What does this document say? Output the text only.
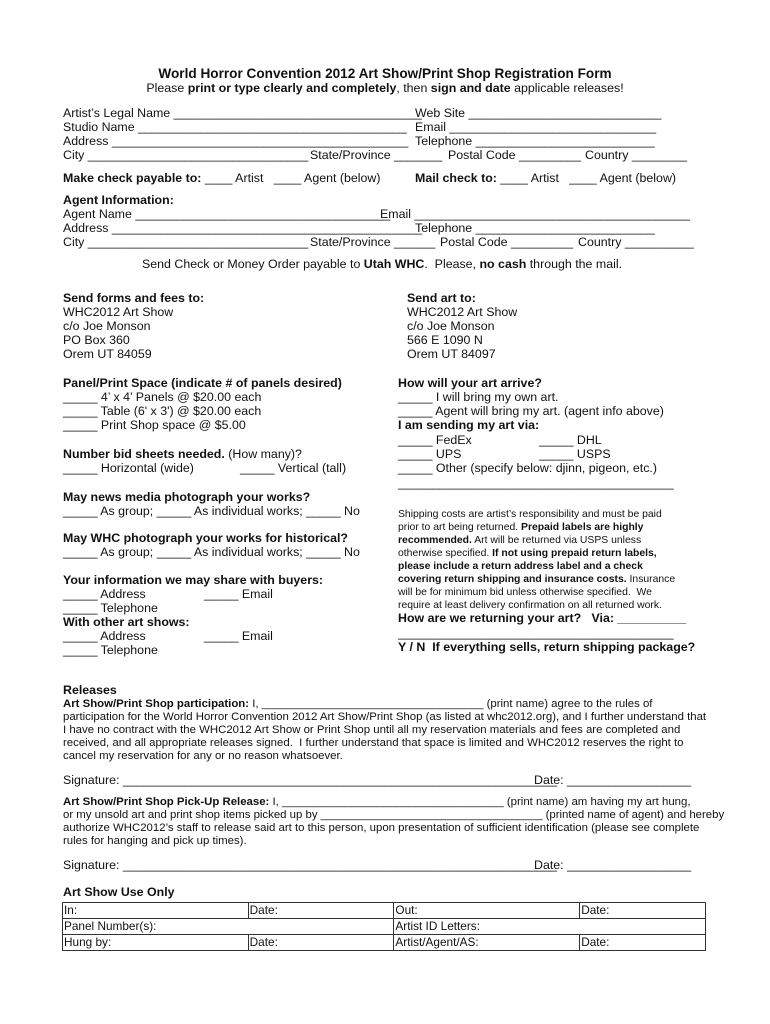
World Horror Convention 2012 Art Show/Print Shop Registration Form
Please print or type clearly and completely, then sign and date applicable releases!
Artist’s Legal Name ____________________________________
Web Site ____________________________
Studio Name _______________________________________ Email ______________________________
Address ___________________________________________ Telephone __________________________
City ________________________________ State/Province _______ Postal Code _________ Country ________
Make check payable to: ____ Artist   ____ Agent (below)	Mail check to: ____ Artist   ____ Agent (below)
Agent Information:
Agent Name _____________________________________
Email ________________________________________
Address _____________________________________________
Telephone __________________________
City ________________________________ State/Province ______ Postal Code _________ Country __________
Send Check or Money Order payable to Utah WHC.  Please, no cash through the mail.
Send forms and fees to:
WHC2012 Art Show
c/o Joe Monson
PO Box 360
Orem UT 84059
Send art to:
WHC2012 Art Show
c/o Joe Monson
566 E 1090 N
Orem UT 84097
Panel/Print Space (indicate # of panels desired)
_____ 4’ x 4’ Panels @ $20.00 each
_____ Table (6' x 3') @ $20.00 each
_____ Print Shop space @ $5.00
Number bid sheets needed. (How many)?
_____ Horizontal (wide)	_____ Vertical (tall)
May news media photograph your works?
_____ As group; _____ As individual works; _____ No
May WHC photograph your works for historical?
_____ As group; _____ As individual works; _____ No
Your information we may share with buyers:
_____ Address	_____ Email
_____ Telephone
With other art shows:
_____ Address	_____ Email
_____ Telephone
How will your art arrive?
_____ I will bring my own art.
_____ Agent will bring my art. (agent info above)
I am sending my art via:
_____ FedEx	_____ DHL
_____ UPS	_____ USPS
_____ Other (specify below: djinn, pigeon, etc.)
________________________________________
Shipping costs are artist’s responsibility and must be paid
prior to art being returned. Prepaid labels are highly
recommended. Art will be returned via USPS unless
otherwise specified. If not using prepaid return labels,
please include a return address label and a check
covering return shipping and insurance costs. Insurance
will be for minimum bid unless otherwise specified.  We
require at least delivery confirmation on all returned work.
How are we returning your art?   Via: __________
________________________________________
Y / N  If everything sells, return shipping package?
Releases
Art Show/Print Shop participation: I, ___________________________________ (print name) agree to the rules of
participation for the World Horror Convention 2012 Art Show/Print Shop (as listed at whc2012.org), and I further understand that
I have no contract with the WHC2012 Art Show or Print Shop until all my reservation materials and fees are completed and
received, and all appropriate releases signed.  I further understand that space is limited and WHC2012 reserves the right to
cancel my reservation for any or no reason whatsoever.
Signature: _______________________________________________________________
Date: __________________
Art Show/Print Shop Pick-Up Release: I, ___________________________________ (print name) am having my art hung,
or my unsold art and print shop items picked up by ___________________________________ (printed name of agent) and hereby
authorize WHC2012’s staff to release said art to this person, upon presentation of sufficient identification (please see complete
rules for hanging and pick up times).
Signature: _______________________________________________________________
Date: __________________
Art Show Use Only
In:	Date:	Out:	Date:
Panel Number(s):		Artist ID Letters:	
Hung by:	Date:	Artist/Agent/AS:	Date:
